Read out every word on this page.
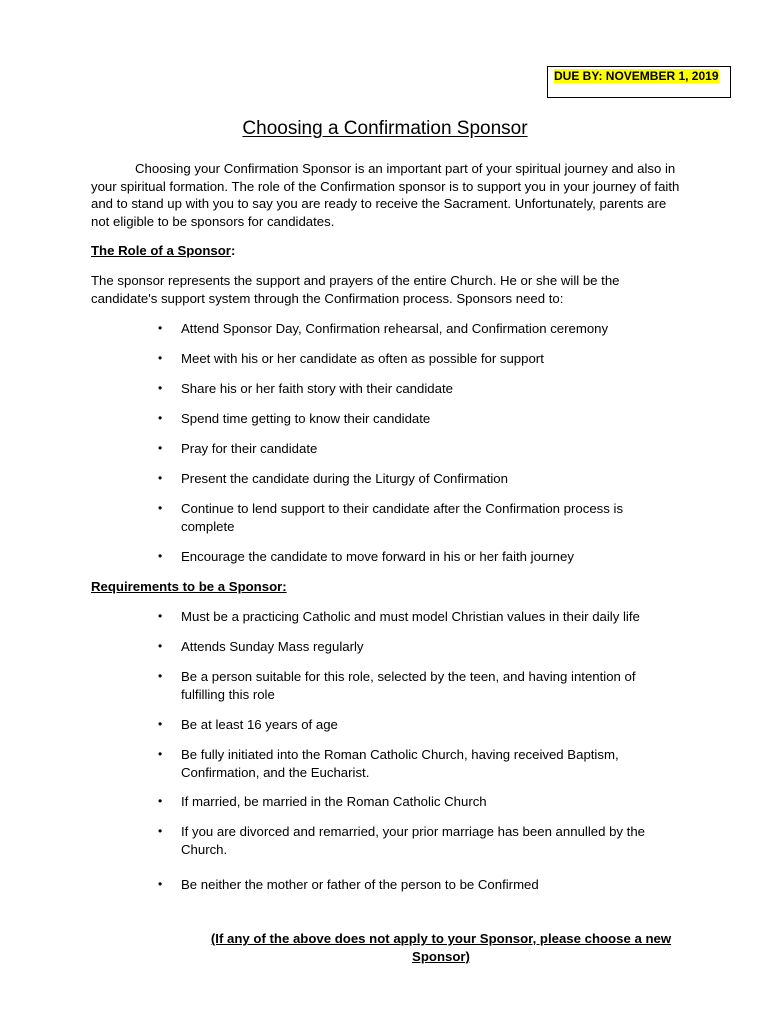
DUE BY: NOVEMBER 1, 2019
Choosing a Confirmation Sponsor
Choosing your Confirmation Sponsor is an important part of your spiritual journey and also in your spiritual formation. The role of the Confirmation sponsor is to support you in your journey of faith and to stand up with you to say you are ready to receive the Sacrament. Unfortunately, parents are not eligible to be sponsors for candidates.
The Role of a Sponsor:
The sponsor represents the support and prayers of the entire Church. He or she will be the candidate's support system through the Confirmation process. Sponsors need to:
• Attend Sponsor Day, Confirmation rehearsal, and Confirmation ceremony
• Meet with his or her candidate as often as possible for support
• Share his or her faith story with their candidate
• Spend time getting to know their candidate
• Pray for their candidate
• Present the candidate during the Liturgy of Confirmation
• Continue to lend support to their candidate after the Confirmation process is complete
• Encourage the candidate to move forward in his or her faith journey
Requirements to be a Sponsor:
• Must be a practicing Catholic and must model Christian values in their daily life
• Attends Sunday Mass regularly
• Be a person suitable for this role, selected by the teen, and having intention of fulfilling this role
• Be at least 16 years of age
• Be fully initiated into the Roman Catholic Church, having received Baptism, Confirmation, and the Eucharist.
• If married, be married in the Roman Catholic Church
• If you are divorced and remarried, your prior marriage has been annulled by the Church.
• Be neither the mother or father of the person to be Confirmed
(If any of the above does not apply to your Sponsor, please choose a new Sponsor)
